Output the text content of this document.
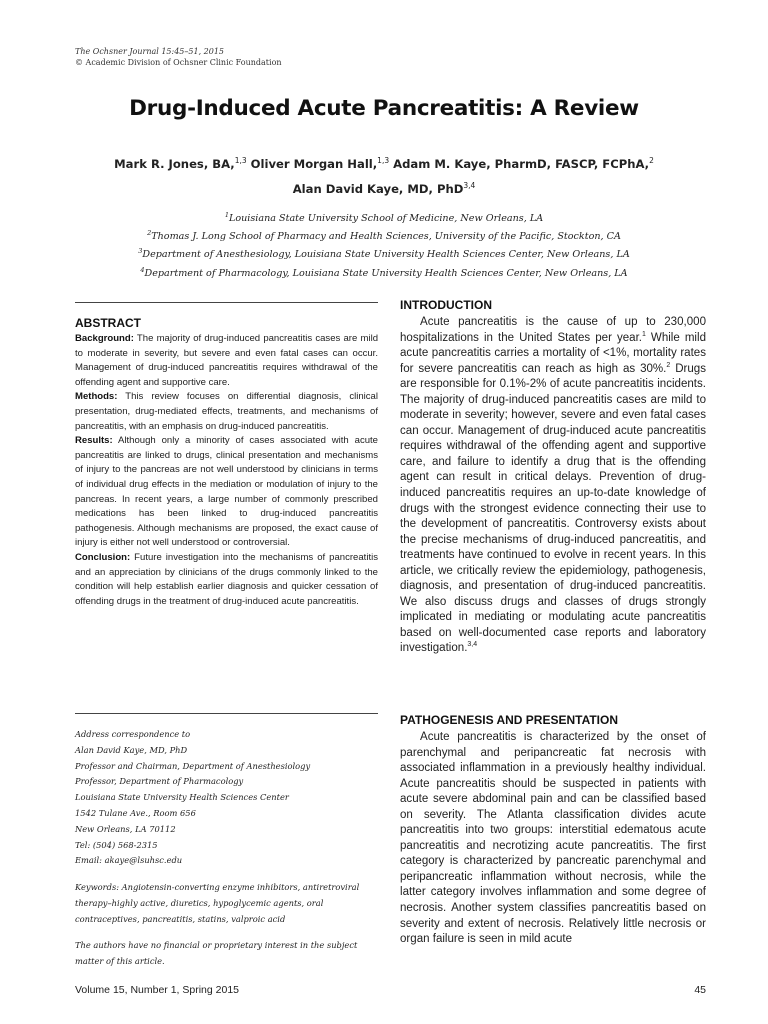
The Ochsner Journal 15:45–51, 2015
© Academic Division of Ochsner Clinic Foundation
Drug-Induced Acute Pancreatitis: A Review
Mark R. Jones, BA,$^{1,3}$ Oliver Morgan Hall,$^{1,3}$ Adam M. Kaye, PharmD, FASCP, FCPhA,$^2$
Alan David Kaye, MD, PhD$^{3,4}$
$^1$Louisiana State University School of Medicine, New Orleans, LA
$^2$Thomas J. Long School of Pharmacy and Health Sciences, University of the Pacific, Stockton, CA
$^3$Department of Anesthesiology, Louisiana State University Health Sciences Center, New Orleans, LA
$^4$Department of Pharmacology, Louisiana State University Health Sciences Center, New Orleans, LA
ABSTRACT

Background: The majority of drug-induced pancreatitis cases are mild to moderate in severity, but severe and even fatal cases can occur. Management of drug-induced pancreatitis requires withdrawal of the offending agent and supportive care.

Methods: This review focuses on differential diagnosis, clinical presentation, drug-mediated effects, treatments, and mechanisms of pancreatitis, with an emphasis on drug-induced pancreatitis.

Results: Although only a minority of cases associated with acute pancreatitis are linked to drugs, clinical presentation and mechanisms of injury to the pancreas are not well understood by clinicians in terms of individual drug effects in the mediation or modulation of injury to the pancreas. In recent years, a large number of commonly prescribed medications has been linked to drug-induced pancreatitis pathogenesis. Although mechanisms are proposed, the exact cause of injury is either not well understood or controversial.

Conclusion: Future investigation into the mechanisms of pancreatitis and an appreciation by clinicians of the drugs commonly linked to the condition will help establish earlier diagnosis and quicker cessation of offending drugs in the treatment of drug-induced acute pancreatitis.

Address correspondence to
Alan David Kaye, MD, PhD
Professor and Chairman, Department of Anesthesiology
Professor, Department of Pharmacology
Louisiana State University Health Sciences Center
1542 Tulane Ave., Room 656
New Orleans, LA 70112
Tel: (504) 568-2315
Email: akaye@lsuhsc.edu
Keywords: Angiotensin-converting enzyme inhibitors, antiretroviral therapy–highly active, diuretics, hypoglycemic agents, oral contraceptives, pancreatitis, statins, valproic acid
The authors have no financial or proprietary interest in the subject matter of this article.
INTRODUCTION

Acute pancreatitis is the cause of up to 230,000 hospitalizations in the United States per year.$^1$ While mild acute pancreatitis carries a mortality of <1%, mortality rates for severe pancreatitis can reach as high as 30%.$^2$ Drugs are responsible for 0.1%-2% of acute pancreatitis incidents. The majority of drug-induced pancreatitis cases are mild to moderate in severity; however, severe and even fatal cases can occur. Management of drug-induced acute pancreatitis requires withdrawal of the offending agent and supportive care, and failure to identify a drug that is the offending agent can result in critical delays. Prevention of drug-induced pancreatitis requires an up-to-date knowledge of drugs with the strongest evidence connecting their use to the development of pancreatitis. Controversy exists about the precise mechanisms of drug-induced pancreatitis, and treatments have continued to evolve in recent years. In this article, we critically review the epidemiology, pathogenesis, diagnosis, and presentation of drug-induced pancreatitis. We also discuss drugs and classes of drugs strongly implicated in mediating or modulating acute pancreatitis based on well-documented case reports and laboratory investigation.$^{3,4}$

PATHOGENESIS AND PRESENTATION

Acute pancreatitis is characterized by the onset of parenchymal and peripancreatic fat necrosis with associated inflammation in a previously healthy individual. Acute pancreatitis should be suspected in patients with acute severe abdominal pain and can be classified based on severity. The Atlanta classification divides acute pancreatitis into two groups: interstitial edematous acute pancreatitis and necrotizing acute pancreatitis. The first category is characterized by pancreatic parenchymal and peripancreatic inflammation without necrosis, while the latter category involves inflammation and some degree of necrosis. Another system classifies pancreatitis based on severity and extent of necrosis. Relatively little necrosis or organ failure is seen in mild acute

Volume 15, Number 1, Spring 2015	45
